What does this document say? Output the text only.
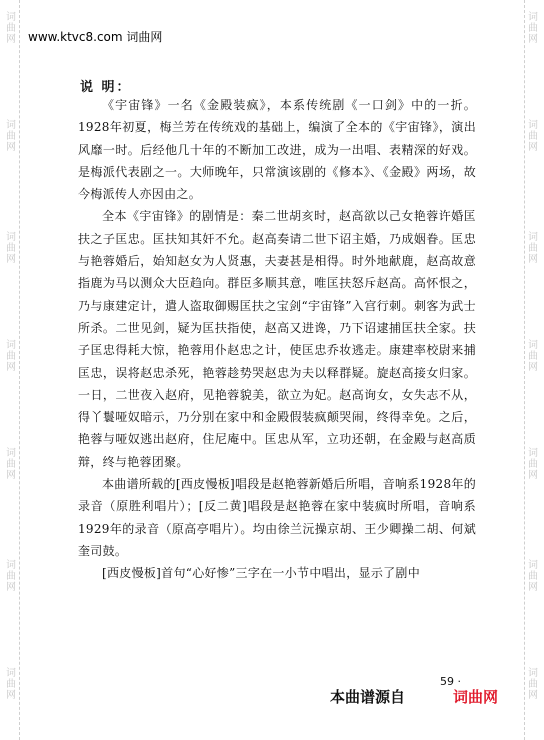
词
曲
网
词
曲
网
词
曲
网
词
曲
网
词
曲
网
词
曲
网
词
曲
网
词
曲
网
词
曲
网
词
曲
网
词
曲
网
词
曲
网
词
曲
网
词
曲
网
www.ktvc8.com 词曲网
说 明：

《宇宙锋》一名《金殿装疯》，本系传统剧《一口剑》中的一折。1928年初夏，梅兰芳在传统戏的基础上，编演了全本的《宇宙锋》，演出风靡一时。后经他几十年的不断加工改进，成为一出唱、表精深的好戏。是梅派代表剧之一。大师晚年，只常演该剧的《修本》、《金殿》两场，故今梅派传人亦因由之。

全本《宇宙锋》的剧情是：秦二世胡亥时，赵高欲以己女艳蓉许婚匡扶之子匡忠。匡扶知其奸不允。赵高奏请二世下诏主婚，乃成姻眷。匡忠与艳蓉婚后，始知赵女为人贤惠，夫妻甚是相得。时外地献鹿，赵高故意指鹿为马以测众大臣趋向。群臣多顺其意，唯匡扶怒斥赵高。高怀恨之，乃与康建定计，遣人盗取御赐匡扶之宝剑“宇宙锋”入宫行刺。刺客为武士所杀。二世见剑，疑为匡扶指使，赵高又进谗，乃下诏逮捕匡扶全家。扶子匡忠得耗大惊，艳蓉用仆赵忠之计，使匡忠乔妆逃走。康建率校尉来捕匡忠，误将赵忠杀死，艳蓉趁势哭赵忠为夫以释群疑。旋赵高接女归家。一日，二世夜入赵府，见艳蓉貌美，欲立为妃。赵高询女，女失志不从，得丫鬟哑奴暗示，乃分别在家中和金殿假装疯颠哭闹，终得幸免。之后，艳蓉与哑奴逃出赵府，住尼庵中。匡忠从军，立功还朝，在金殿与赵高质辩，终与艳蓉团聚。

本曲谱所载的[西皮慢板]唱段是赵艳蓉新婚后所唱，音响系1928年的录音（原胜利唱片）；[反二黄]唱段是赵艳蓉在家中装疯时所唱，音响系1929年的录音（原高亭唱片）。均由徐兰沅操京胡、王少卿操二胡、何斌奎司鼓。

[西皮慢板]首句“心好惨”三字在一小节中唱出，显示了剧中

59 ·
本曲谱源自	词曲网
